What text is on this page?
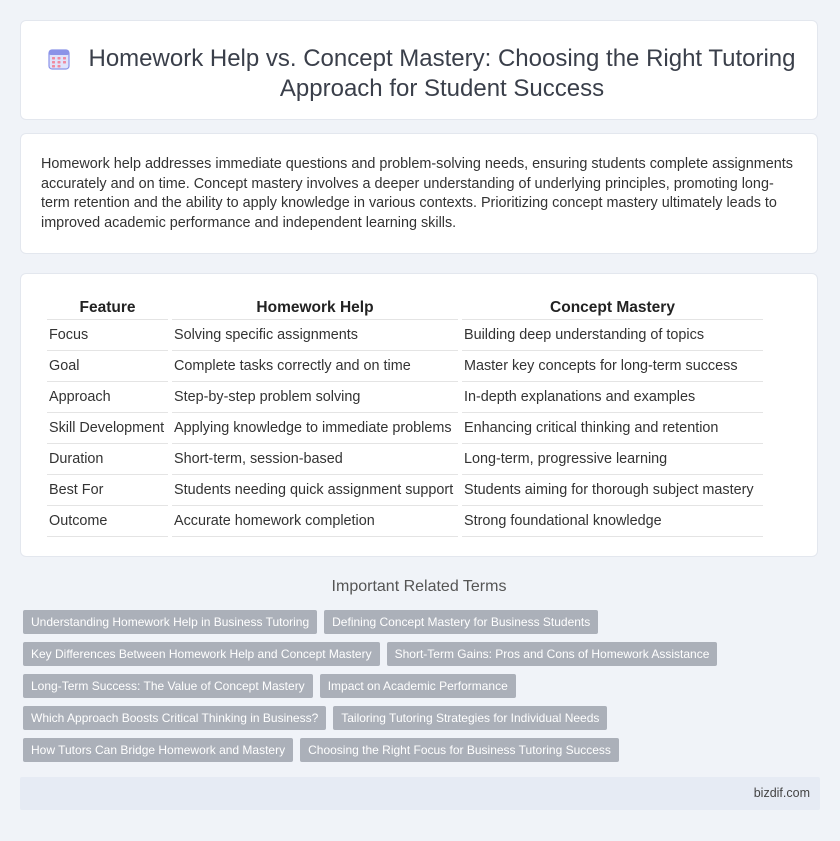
Homework Help vs. Concept Mastery: Choosing the Right Tutoring Approach for Student Success
Homework help addresses immediate questions and problem-solving needs, ensuring students complete assignments accurately and on time. Concept mastery involves a deeper understanding of underlying principles, promoting long-term retention and the ability to apply knowledge in various contexts. Prioritizing concept mastery ultimately leads to improved academic performance and independent learning skills.
Feature	Homework Help	Concept Mastery
Focus	Solving specific assignments	Building deep understanding of topics
Goal	Complete tasks correctly and on time	Master key concepts for long-term success
Approach	Step-by-step problem solving	In-depth explanations and examples
Skill Development	Applying knowledge to immediate problems	Enhancing critical thinking and retention
Duration	Short-term, session-based	Long-term, progressive learning
Best For	Students needing quick assignment support	Students aiming for thorough subject mastery
Outcome	Accurate homework completion	Strong foundational knowledge
Important Related Terms
Understanding Homework Help in Business Tutoring	Defining Concept Mastery for Business Students
Key Differences Between Homework Help and Concept Mastery	Short-Term Gains: Pros and Cons of Homework Assistance
Long-Term Success: The Value of Concept Mastery	Impact on Academic Performance
Which Approach Boosts Critical Thinking in Business?	Tailoring Tutoring Strategies for Individual Needs
How Tutors Can Bridge Homework and Mastery	Choosing the Right Focus for Business Tutoring Success
bizdif.com
